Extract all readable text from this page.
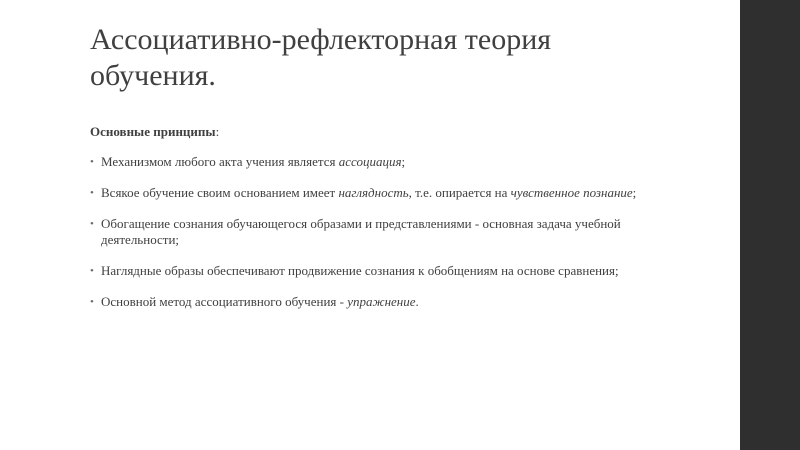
Ассоциативно-рефлекторная теория
обучения.

Основные принципы:

• Механизмом любого акта учения является ассоциация;
• Всякое обучение своим основанием имеет наглядность, т.е. опирается на чувственное познание;
• Обогащение сознания обучающегося образами и представлениями - основная задача учебной деятельности;
• Наглядные образы обеспечивают продвижение сознания к обобщениям на основе сравнения;
• Основной метод ассоциативного обучения - упражнение.
